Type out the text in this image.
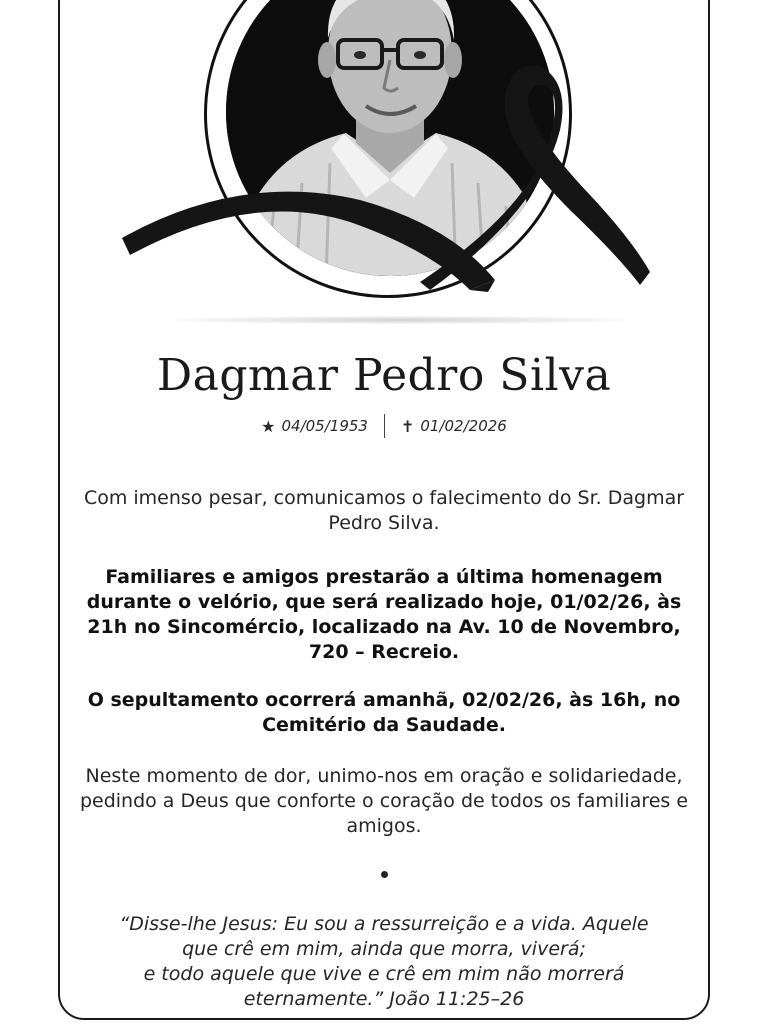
Dagmar Pedro Silva
★ 04/05/1953 ✝ 01/02/2026

Com imenso pesar, comunicamos o falecimento do Sr. Dagmar Pedro Silva.

Familiares e amigos prestarão a última homenagem durante o velório, que será realizado hoje, 01/02/26, às 21h no Sincomércio, localizado na Av. 10 de Novembro, 720 – Recreio.

O sepultamento ocorrerá amanhã, 02/02/26, às 16h, no Cemitério da Saudade.

Neste momento de dor, unimo-nos em oração e solidariedade, pedindo a Deus que conforte o coração de todos os familiares e amigos.

“Disse-lhe Jesus: Eu sou a ressurreição e a vida. Aquele
que crê em mim, ainda que morra, viverá;
e todo aquele que vive e crê em mim não morrerá
eternamente.” João 11:25–26
